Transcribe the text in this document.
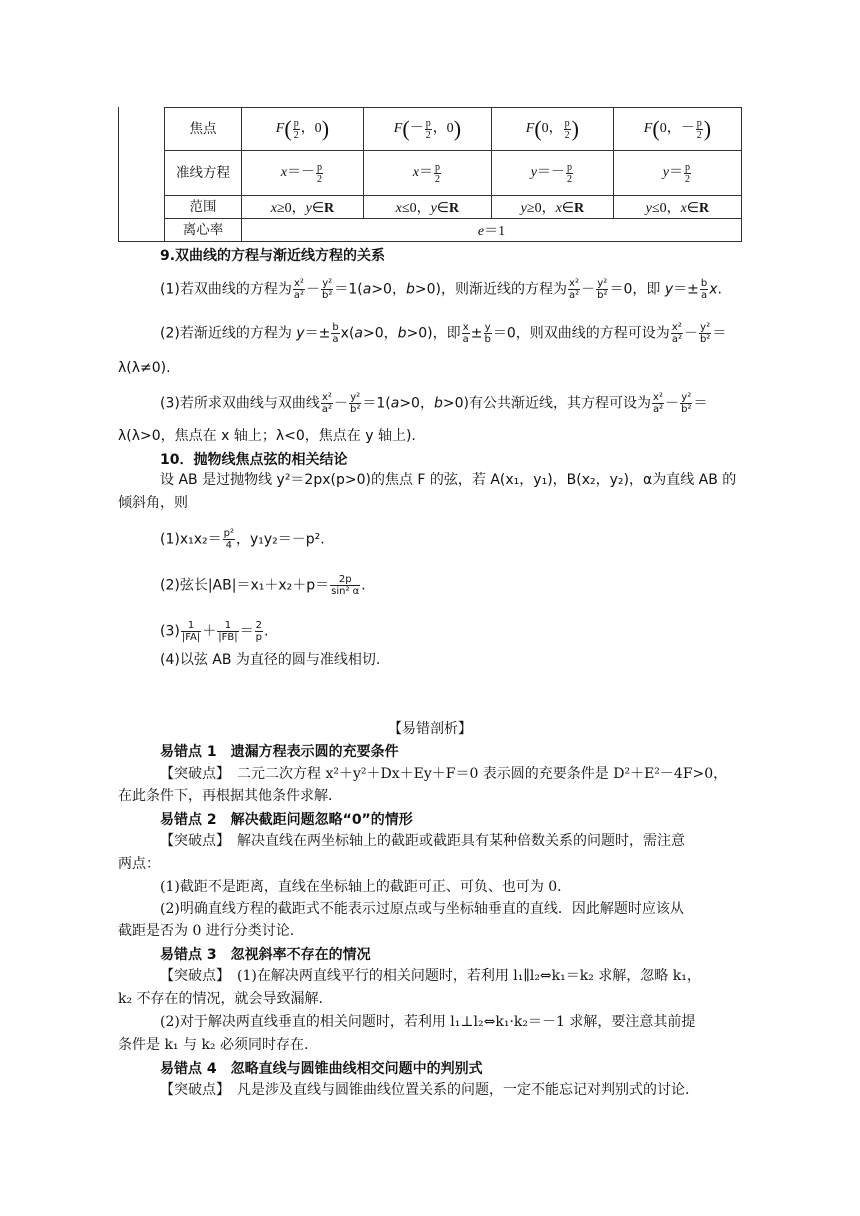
焦点	$F( \frac{p}{2}$ ，0)	$F(- \frac{p}{2}$ ，0)	F(0， $\frac{p}{2}$ )	F(0，－ $\frac{p}{2}$ )
准线方程	$x=- \frac{p}{2}$	$x= \frac{p}{2}$	$y=- \frac{p}{2}$	$y= \frac{p}{2}$

范围	x≥0，y∈R	x≤0，y∈R	y≥0，x∈R	y≤0，x∈R
离心率	e＝1			
9.双曲线的方程与渐近线方程的关系
(1)若双曲线的方程为 $\frac{\text{x²}}{\text{a²}} - \frac{\text{y²}}{\text{b²}} =1(a>0$，b>0)，则渐近线的方程为 $\frac{\text{x²}}{\text{a²}} - \frac{\text{y²}}{\text{b²}} =0$，即 $y=\pm \frac{b}{a} x$.
(2)若渐近线的方程为 $y=\pm \frac{b}{a} x(a>0$，b>0)，即 $\frac{x}{a} \pm \frac{y}{b} =0$，则双曲线的方程可设为 $\frac{\text{x²}}{\text{a²}} - \frac{\text{y²}}{\text{b²}}$ ＝
λ(λ≠0).
(3)若所求双曲线与双曲线 $\frac{\text{x²}}{\text{a²}} - \frac{\text{y²}}{\text{b²}} =1(a>0$，b>0)有公共渐近线，其方程可设为 $\frac{\text{x²}}{\text{a²}} - \frac{\text{y²}}{\text{b²}}$ ＝
λ(λ>0，焦点在 x 轴上；λ<0，焦点在 y 轴上).
10．抛物线焦点弦的相关结论
设 AB 是过抛物线 y²＝2px(p>0)的焦点 F 的弦，若 A(x₁，y₁)，B(x₂，y₂)，α为直线 AB 的
倾斜角，则
$(1)x_1x_2= \frac{\text{p²}}{4}$ ，y₁y₂＝－p².
(2)弦长$|AB|=x_1+x_2+p= \frac{2p}{\text{sin² α}}$ .
$(3) \frac{1}{|FA|} + \frac{1}{|FB|} = \frac{2}{p}$ .
(4)以弦 AB 为直径的圆与准线相切.
【易错剖析】
易错点 1　遗漏方程表示圆的充要条件
【突破点】　二元二次方程 x²＋y²＋Dx＋Ey＋F＝0 表示圆的充要条件是 D²＋E²－4F>0，
在此条件下，再根据其他条件求解.
易错点 2　解决截距问题忽略“0”的情形
【突破点】　解决直线在两坐标轴上的截距或截距具有某种倍数关系的问题时，需注意
两点：
(1)截距不是距离，直线在坐标轴上的截距可正、可负、也可为 0.
(2)明确直线方程的截距式不能表示过原点或与坐标轴垂直的直线．因此解题时应该从
截距是否为 0 进行分类讨论.
易错点 3　忽视斜率不存在的情况
【突破点】　(1)在解决两直线平行的相关问题时，若利用 l₁∥l₂⇔k₁＝k₂ 求解，忽略 k₁，
k₂ 不存在的情况，就会导致漏解.
(2)对于解决两直线垂直的相关问题时，若利用 l₁⊥l₂⇔k₁·k₂＝－1 求解，要注意其前提
条件是 k₁ 与 k₂ 必须同时存在.
易错点 4　忽略直线与圆锥曲线相交问题中的判别式
【突破点】　凡是涉及直线与圆锥曲线位置关系的问题，一定不能忘记对判别式的讨论.
